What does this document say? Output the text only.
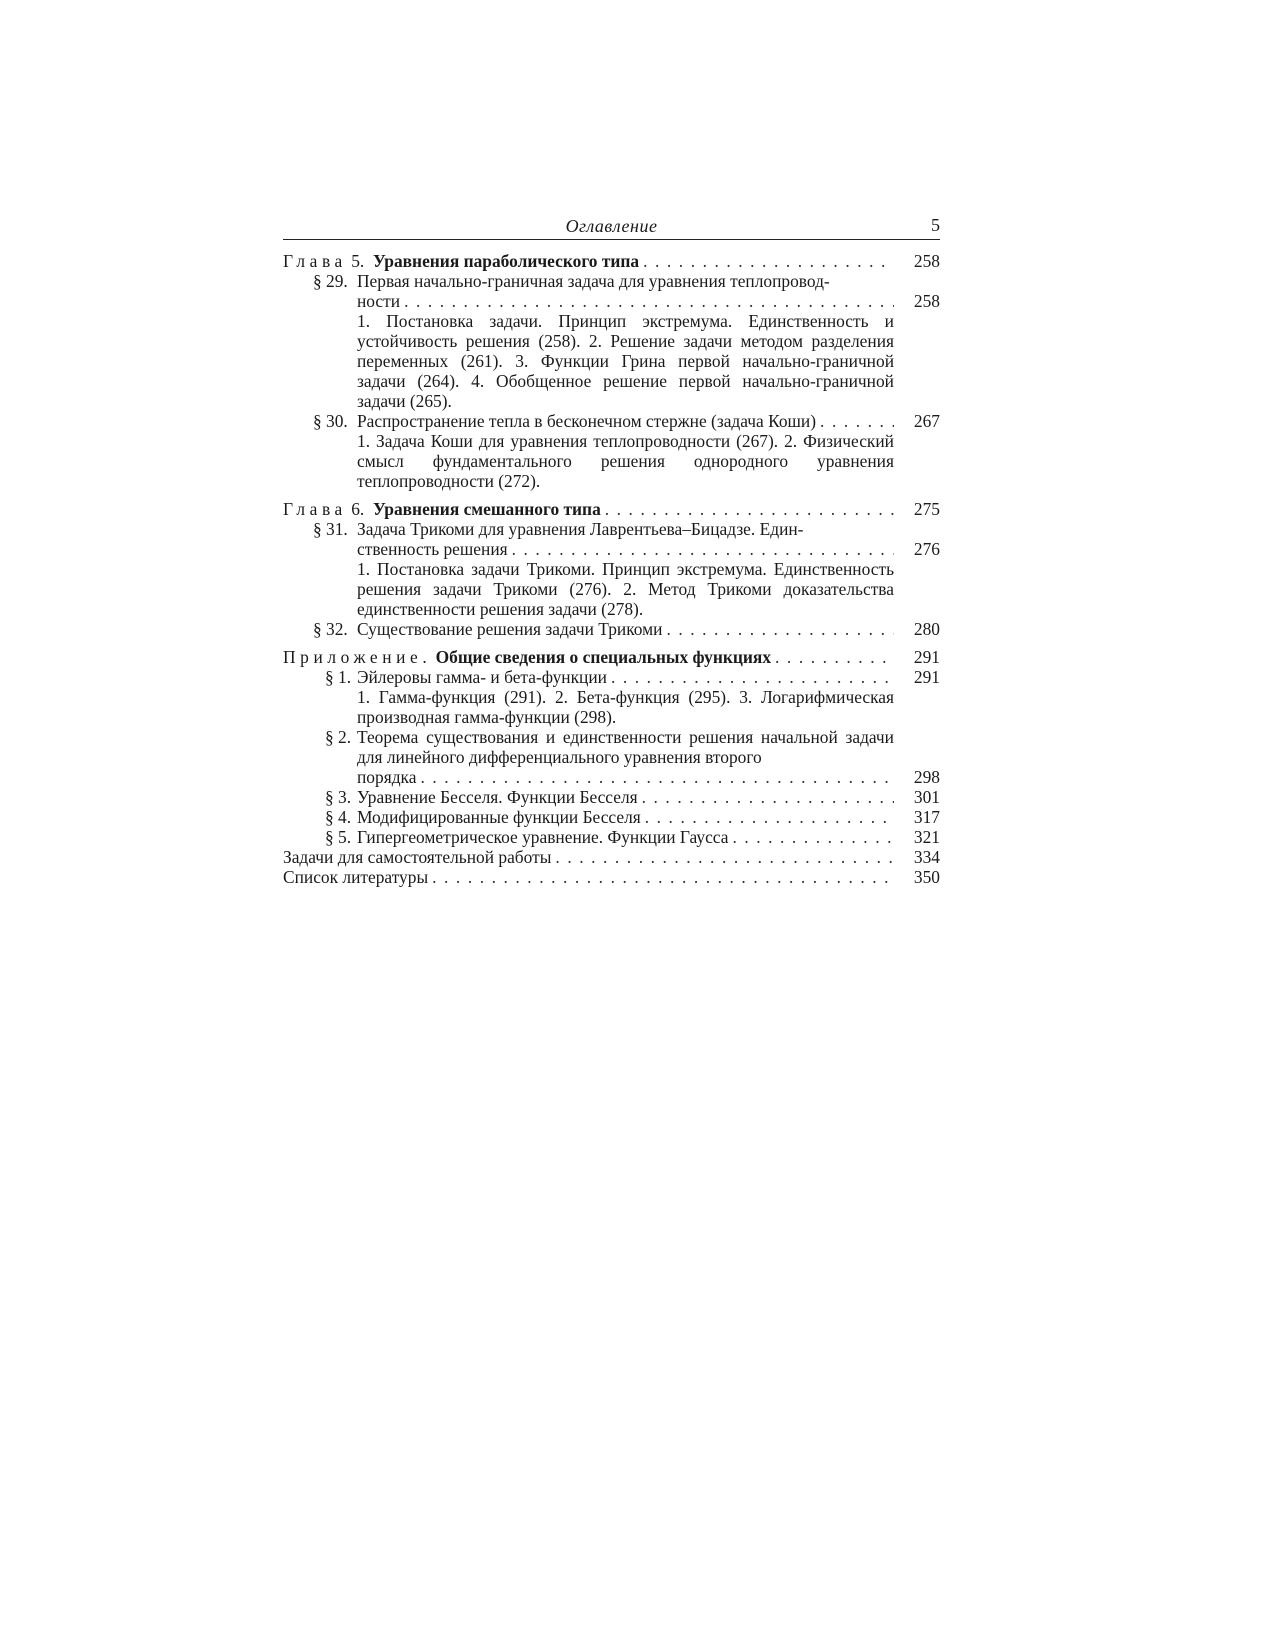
Оглавление	5
Глава 5. Уравнения параболического типа . . .	258
§ 29. Первая начально-граничная задача для уравнения теплопровод-
ности . . .	258
1. Постановка задачи. Принцип экстремума. Единственность и устойчивость решения (258). 2. Решение задачи методом разделения переменных (261). 3. Функции Грина первой начально-граничной задачи (264). 4. Обобщенное решение первой начально-граничной задачи (265).
§ 30. Распространение тепла в бесконечном стержне (задача Коши) . . .	267
1. Задача Коши для уравнения теплопроводности (267). 2. Физический смысл фундаментального решения однородного уравнения теплопроводности (272).
Глава 6. Уравнения смешанного типа . . .	275
§ 31. Задача Трикоми для уравнения Лаврентьева–Бицадзе. Един-
ственность решения . . .	276
1. Постановка задачи Трикоми. Принцип экстремума. Единственность решения задачи Трикоми (276). 2. Метод Трикоми доказательства единственности решения задачи (278).
§ 32. Существование решения задачи Трикоми . . .	280
Приложение. Общие сведения о специальных функциях . . .	291
§ 1. Эйлеровы гамма- и бета-функции . . .	291
1. Гамма-функция (291). 2. Бета-функция (295). 3. Логарифмическая производная гамма-функции (298).
§ 2. Теорема существования и единственности решения начальной задачи для линейного дифференциального уравнения второго
порядка . . .	298
§ 3. Уравнение Бесселя. Функции Бесселя . . .	301
§ 4. Модифицированные функции Бесселя . . .	317
§ 5. Гипергеометрическое уравнение. Функции Гаусса . . .	321
Задачи для самостоятельной работы . . .	334
Список литературы . . .	350
